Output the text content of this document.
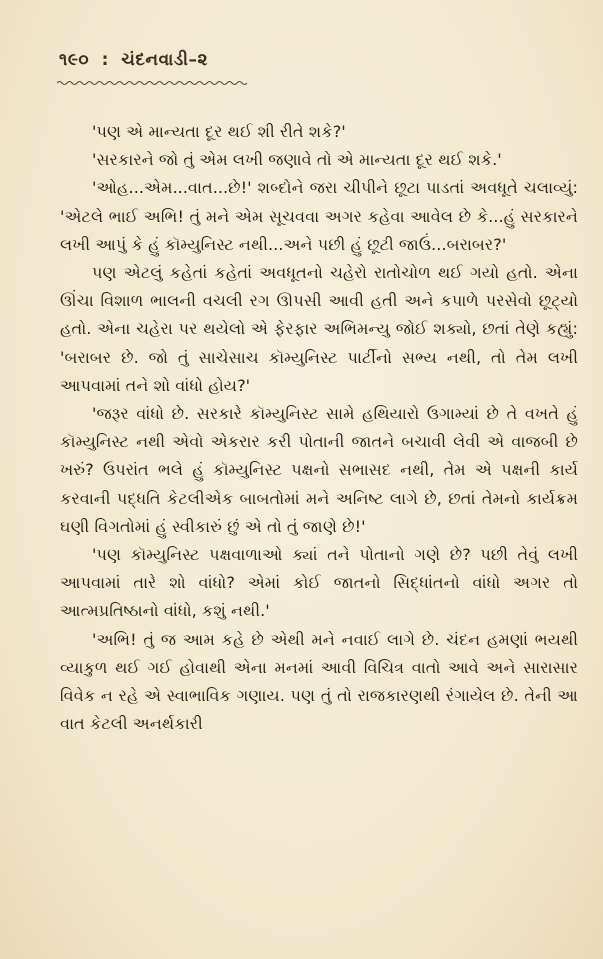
૧૯૦ : ચંદનવાડી–૨

'પણ એ માન્યતા દૂર થઈ શી રીતે શકે?'

'સરકારને જો તું એમ લખી જણાવે તો એ માન્યતા દૂર થઈ શકે.'

'ઓહ...એમ...વાત...છે!' શબ્દોને જરા ચીપીને છૂટા પાડતાં અવધૂતે ચલાવ્યું: 'એટલે ભાઈ અભિ! તું મને એમ સૂચવવા અગર કહેવા આવેલ છે કે...હું સરકારને લખી આપું કે હું કૉમ્યુનિસ્ટ નથી...અને પછી હું છૂટી જાઉં...બરાબર?'

પણ એટલું કહેતાં કહેતાં અવધૂતનો ચહેરો રાતોચોળ થઈ ગયો હતો. એના ઊંચા વિશાળ ભાલની વચલી રગ ઊપસી આવી હતી અને કપાળે પરસેવો છૂટ્યો હતો. એના ચહેરા પર થયેલો એ ફેરફાર અભિમન્યુ જોઈ શક્યો, છતાં તેણે કહ્યું: 'બરાબર છે. જો તું સાચેસાચ કૉમ્યુનિસ્ટ પાર્ટીનો સભ્ય નથી, તો તેમ લખી આપવામાં તને શો વાંધો હોય?'

'જરૂર વાંધો છે. સરકારે કૉમ્યુનિસ્ટ સામે હથિયારો ઉગામ્યાં છે તે વખતે હું કૉમ્યુનિસ્ટ નથી એવો એકરાર કરી પોતાની જાતને બચાવી લેવી એ વાજબી છે ખરું? ઉપરાંત ભલે હું કૉમ્યુનિસ્ટ પક્ષનો સભાસદ નથી, તેમ એ પક્ષની કાર્ય કરવાની પદ્ધતિ કેટલીએક બાબતોમાં મને અનિષ્ટ લાગે છે, છતાં તેમનો કાર્યક્રમ ઘણી વિગતોમાં હું સ્વીકારું છું એ તો તું જાણે છે!'

'પણ કૉમ્યુનિસ્ટ પક્ષવાળાઓ ક્યાં તને પોતાનો ગણે છે? પછી તેવું લખી આપવામાં તારે શો વાંધો? એમાં કોઈ જાતનો સિદ્ધાંતનો વાંધો અગર તો આત્મપ્રતિષ્ઠાનો વાંધો, કશું નથી.'

'અભિ! તું જ આમ કહે છે એથી મને નવાઈ લાગે છે. ચંદન હમણાં ભયથી વ્યાકુળ થઈ ગઈ હોવાથી એના મનમાં આવી વિચિત્ર વાતો આવે અને સારાસાર વિવેક ન રહે એ સ્વાભાવિક ગણાય. પણ તું તો રાજકારણથી રંગાયેલ છે. તેની આ વાત કેટલી અનર્થકારી
